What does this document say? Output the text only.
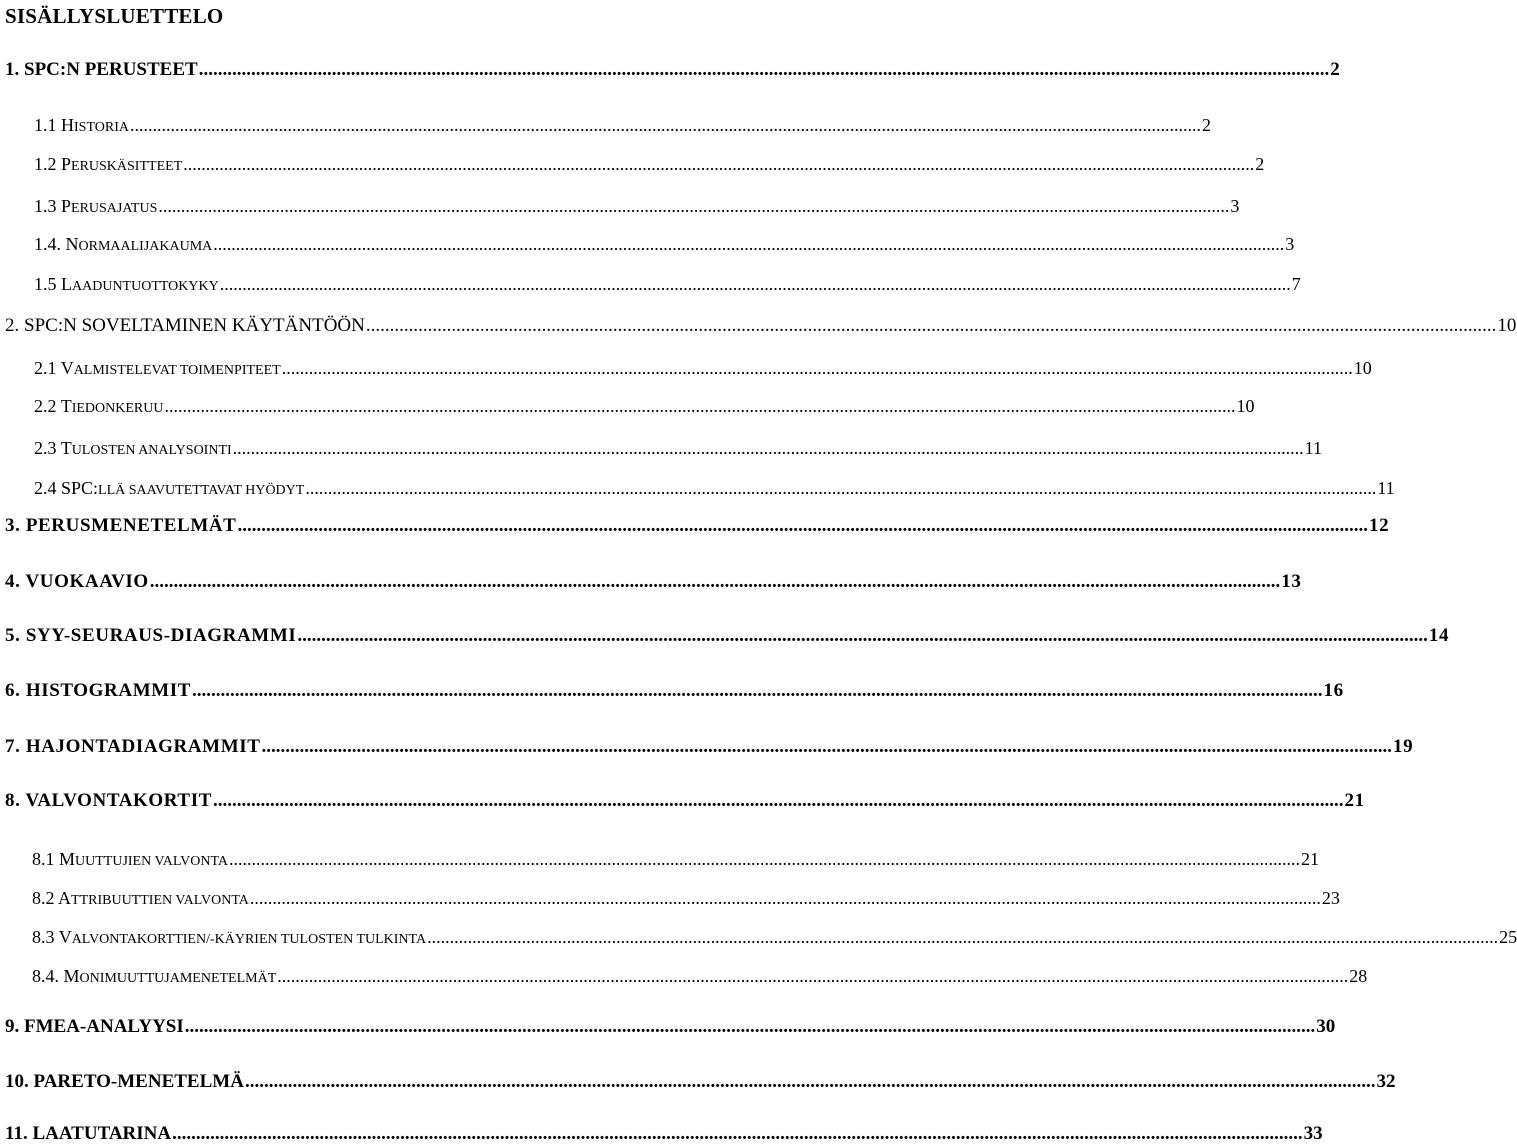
SISÄLLYSLUETTELO
1. SPC:N PERUSTEET .....	2
1.1 HISTORIA .....	2
1.2 PERUSKÄSITTEET .....	2
1.3 PERUSAJATUS .....	3
1.4. NORMAALIJAKAUMA .....	3
1.5 LAADUNTUOTTOKYKY .....	7
2. SPC:N SOVELTAMINEN KÄYTÄNTÖÖN .....	10
2.1 VALMISTELEVAT TOIMENPITEET .....	10
2.2 TIEDONKERUU .....	10
2.3 TULOSTEN ANALYSOINTI .....	11
2.4 SPC:LLÄ SAAVUTETTAVAT HYÖDYT .....	11
3. PERUSMENETELMÄT .....	12
4. VUOKAAVIO .....	13
5. SYY-SEURAUS-DIAGRAMMI .....	14
6. HISTOGRAMMIT .....	16
7. HAJONTADIAGRAMMIT .....	19
8. VALVONTAKORTIT .....	21
8.1 MUUTTUJIEN VALVONTA .....	21
8.2 ATTRIBUUTTIEN VALVONTA .....	23
8.3 VALVONTAKORTTIEN/-KÄYRIEN TULOSTEN TULKINTA .....	25
8.4. MONIMUUTTUJAMENETELMÄT .....	28
9. FMEA-ANALYYSI .....	30
10. PARETO-MENETELMÄ .....	32
11. LAATUTARINA .....	33
